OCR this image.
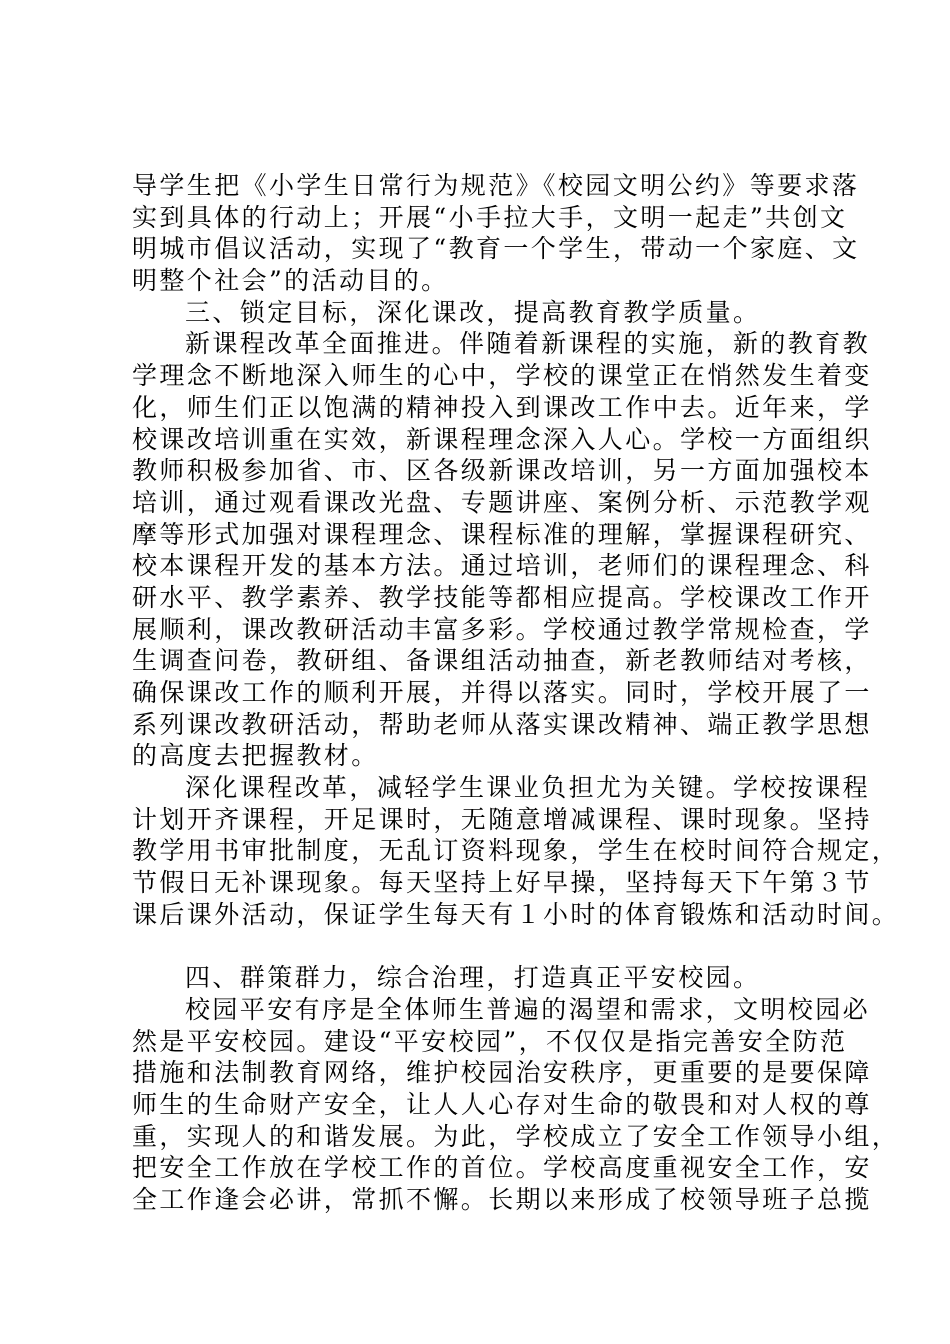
导学生把《小学生日常行为规范》《校园文明公约》等要求落
实到具体的行动上；开展“小手拉大手，文明一起走”共创文
明城市倡议活动，实现了“教育一个学生，带动一个家庭、文
明整个社会”的活动目的。
三、锁定目标，深化课改，提高教育教学质量。
新课程改革全面推进。伴随着新课程的实施，新的教育教
学理念不断地深入师生的心中，学校的课堂正在悄然发生着变
化，师生们正以饱满的精神投入到课改工作中去。近年来，学
校课改培训重在实效，新课程理念深入人心。学校一方面组织
教师积极参加省、市、区各级新课改培训，另一方面加强校本
培训，通过观看课改光盘、专题讲座、案例分析、示范教学观
摩等形式加强对课程理念、课程标准的理解，掌握课程研究、
校本课程开发的基本方法。通过培训，老师们的课程理念、科
研水平、教学素养、教学技能等都相应提高。学校课改工作开
展顺利，课改教研活动丰富多彩。学校通过教学常规检查，学
生调查问卷，教研组、备课组活动抽查，新老教师结对考核，
确保课改工作的顺利开展，并得以落实。同时，学校开展了一
系列课改教研活动，帮助老师从落实课改精神、端正教学思想
的高度去把握教材。
深化课程改革，减轻学生课业负担尤为关键。学校按课程
计划开齐课程，开足课时，无随意增减课程、课时现象。坚持
教学用书审批制度，无乱订资料现象，学生在校时间符合规定，
节假日无补课现象。每天坚持上好早操，坚持每天下午第３节
课后课外活动，保证学生每天有１小时的体育锻炼和活动时间。
四、群策群力，综合治理，打造真正平安校园。
校园平安有序是全体师生普遍的渴望和需求，文明校园必
然是平安校园。建设“平安校园”，不仅仅是指完善安全防范
措施和法制教育网络，维护校园治安秩序，更重要的是要保障
师生的生命财产安全，让人人心存对生命的敬畏和对人权的尊
重，实现人的和谐发展。为此，学校成立了安全工作领导小组，
把安全工作放在学校工作的首位。学校高度重视安全工作，安
全工作逢会必讲，常抓不懈。长期以来形成了校领导班子总揽
